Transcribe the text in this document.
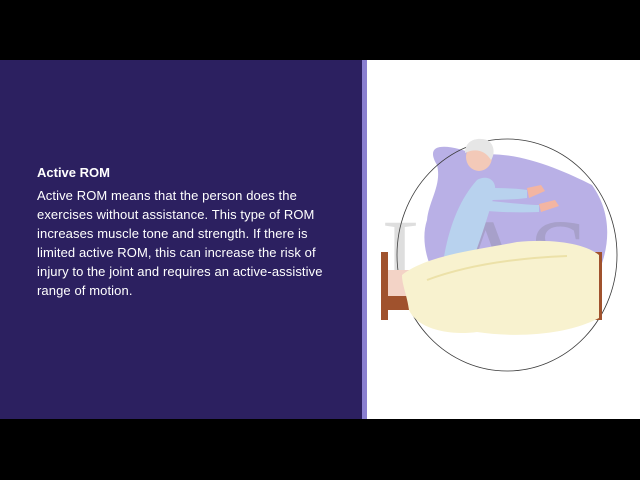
Active ROM
Active ROM means that the person does the exercises without assistance. This type of ROM increases muscle tone and strength. If there is limited active ROM, this can increase the risk of injury to the joint and requires an active-assistive range of motion.
